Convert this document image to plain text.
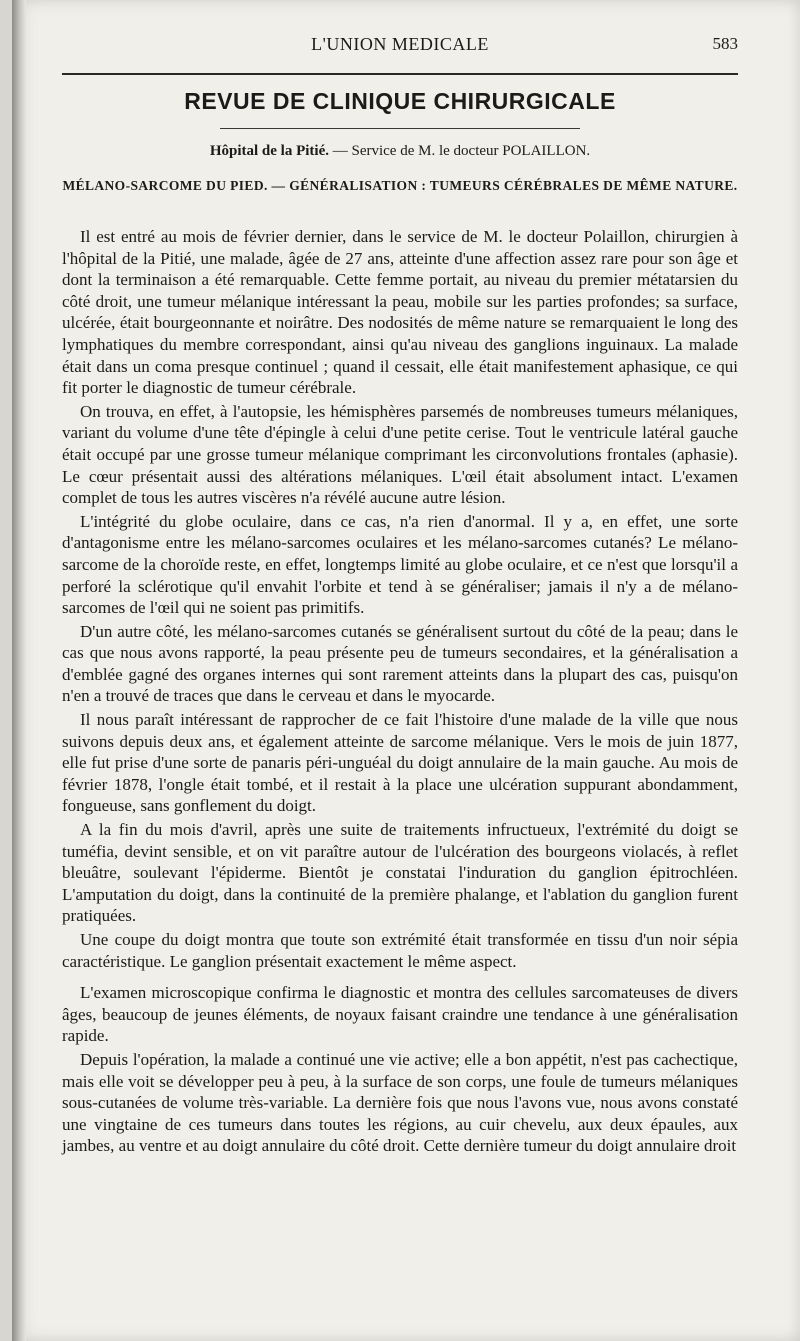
L'UNION MEDICALE	583
REVUE DE CLINIQUE CHIRURGICALE
Hôpital de la Pitié. — Service de M. le docteur POLAILLON.
MÉLANO-SARCOME DU PIED. — GÉNÉRALISATION : TUMEURS CÉRÉBRALES DE MÊME NATURE.

Il est entré au mois de février dernier, dans le service de M. le docteur Polaillon, chirurgien à l'hôpital de la Pitié, une malade, âgée de 27 ans, atteinte d'une affection assez rare pour son âge et dont la terminaison a été remarquable. Cette femme portait, au niveau du premier métatarsien du côté droit, une tumeur mélanique intéressant la peau, mobile sur les parties profondes; sa surface, ulcérée, était bourgeonnante et noirâtre. Des nodosités de même nature se remarquaient le long des lymphatiques du membre correspondant, ainsi qu'au niveau des ganglions inguinaux. La malade était dans un coma presque continuel ; quand il cessait, elle était manifestement aphasique, ce qui fit porter le diagnostic de tumeur cérébrale.

On trouva, en effet, à l'autopsie, les hémisphères parsemés de nombreuses tumeurs mélaniques, variant du volume d'une tête d'épingle à celui d'une petite cerise. Tout le ventricule latéral gauche était occupé par une grosse tumeur mélanique comprimant les circonvolutions frontales (aphasie). Le cœur présentait aussi des altérations mélaniques. L'œil était absolument intact. L'examen complet de tous les autres viscères n'a révélé aucune autre lésion.

L'intégrité du globe oculaire, dans ce cas, n'a rien d'anormal. Il y a, en effet, une sorte d'antagonisme entre les mélano-sarcomes oculaires et les mélano-sarcomes cutanés? Le mélano-sarcome de la choroïde reste, en effet, longtemps limité au globe oculaire, et ce n'est que lorsqu'il a perforé la sclérotique qu'il envahit l'orbite et tend à se généraliser; jamais il n'y a de mélano-sarcomes de l'œil qui ne soient pas primitifs.

D'un autre côté, les mélano-sarcomes cutanés se généralisent surtout du côté de la peau; dans le cas que nous avons rapporté, la peau présente peu de tumeurs secondaires, et la généralisation a d'emblée gagné des organes internes qui sont rarement atteints dans la plupart des cas, puisqu'on n'en a trouvé de traces que dans le cerveau et dans le myocarde.

Il nous paraît intéressant de rapprocher de ce fait l'histoire d'une malade de la ville que nous suivons depuis deux ans, et également atteinte de sarcome mélanique. Vers le mois de juin 1877, elle fut prise d'une sorte de panaris péri-unguéal du doigt annulaire de la main gauche. Au mois de février 1878, l'ongle était tombé, et il restait à la place une ulcération suppurant abondamment, fongueuse, sans gonflement du doigt.

A la fin du mois d'avril, après une suite de traitements infructueux, l'extrémité du doigt se tuméfia, devint sensible, et on vit paraître autour de l'ulcération des bourgeons violacés, à reflet bleuâtre, soulevant l'épiderme. Bientôt je constatai l'induration du ganglion épitrochléen. L'amputation du doigt, dans la continuité de la première phalange, et l'ablation du ganglion furent pratiquées.

Une coupe du doigt montra que toute son extrémité était transformée en tissu d'un noir sépia caractéristique. Le ganglion présentait exactement le même aspect.

L'examen microscopique confirma le diagnostic et montra des cellules sarcomateuses de divers âges, beaucoup de jeunes éléments, de noyaux faisant craindre une tendance à une généralisation rapide.

Depuis l'opération, la malade a continué une vie active; elle a bon appétit, n'est pas cachectique, mais elle voit se développer peu à peu, à la surface de son corps, une foule de tumeurs mélaniques sous-cutanées de volume très-variable. La dernière fois que nous l'avons vue, nous avons constaté une vingtaine de ces tumeurs dans toutes les régions, au cuir chevelu, aux deux épaules, aux jambes, au ventre et au doigt annulaire du côté droit. Cette dernière tumeur du doigt annulaire droit
